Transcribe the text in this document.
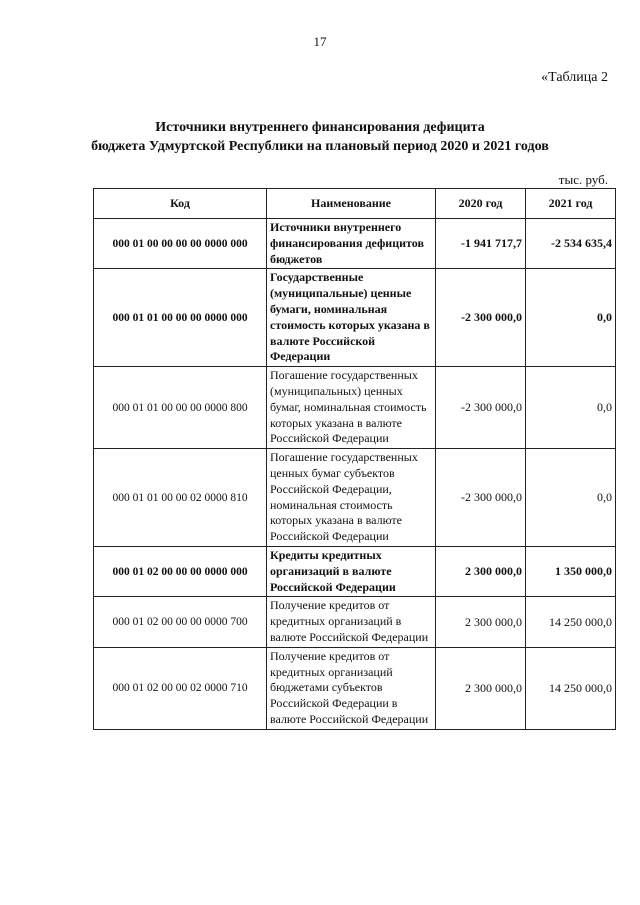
17
«Таблица 2
Источники внутреннего финансирования дефицита
бюджета Удмуртской Республики на плановый период 2020 и 2021 годов
тыс. руб.
Код	Наименование	2020 год	2021 год
000 01 00 00 00 00 0000 000	Источники внутреннего финансирования дефицитов бюджетов	-1 941 717,7	-2 534 635,4
000 01 01 00 00 00 0000 000	Государственные (муниципальные) ценные бумаги, номинальная стоимость которых указана в валюте Российской Федерации	-2 300 000,0	0,0
000 01 01 00 00 00 0000 800	Погашение государственных (муниципальных) ценных бумаг, номинальная стоимость которых указана в валюте Российской Федерации	-2 300 000,0	0,0
000 01 01 00 00 02 0000 810	Погашение государственных ценных бумаг субъектов Российской Федерации, номинальная стоимость которых указана в валюте Российской Федерации	-2 300 000,0	0,0
000 01 02 00 00 00 0000 000	Кредиты кредитных организаций в валюте Российской Федерации	2 300 000,0	1 350 000,0
000 01 02 00 00 00 0000 700	Получение кредитов от кредитных организаций в валюте Российской Федерации	2 300 000,0	14 250 000,0
000 01 02 00 00 02 0000 710	Получение кредитов от кредитных организаций бюджетами субъектов Российской Федерации в валюте Российской Федерации	2 300 000,0	14 250 000,0
